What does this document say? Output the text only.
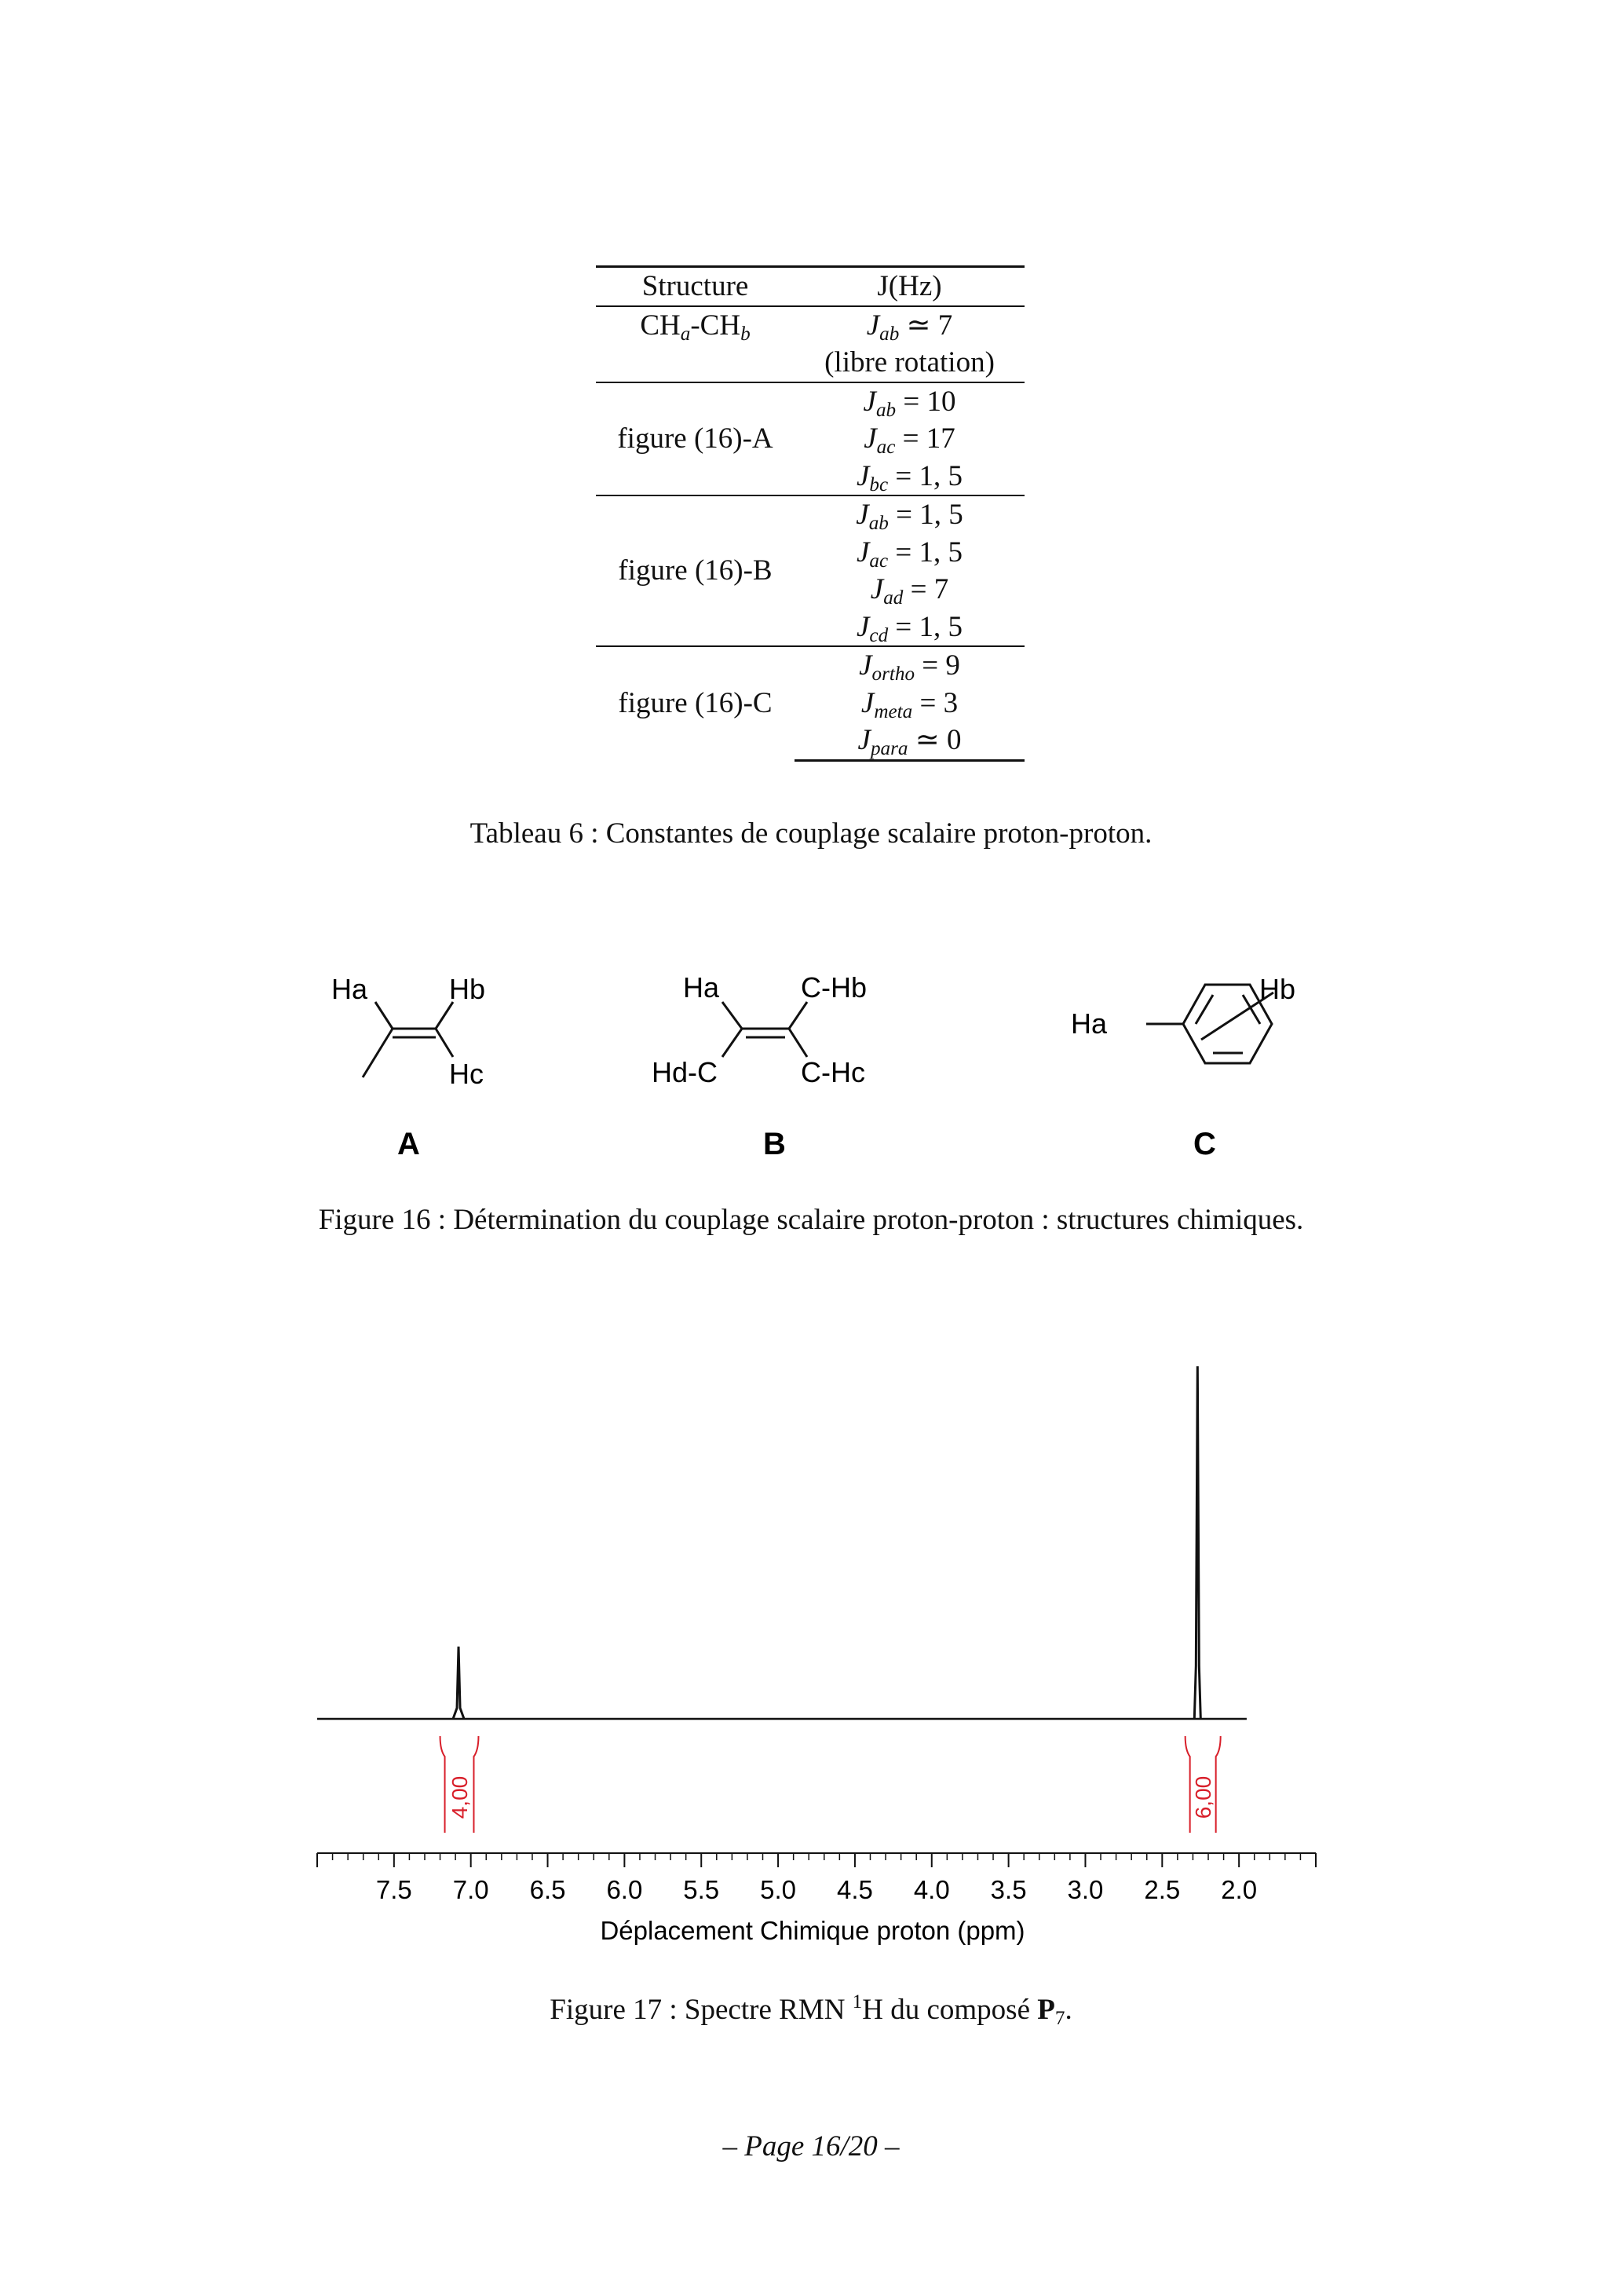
Structure	J(Hz)
$CH_a-CH_b$	$J_{ab}$ ≃ 7
	(libre rotation)
figure (16)-A	$J_{ab} = 10$
	$J_{ac} = 17$
	$J_{bc} = 1$, 5
figure (16)-B	$J_{ab} = 1$, 5
	$J_{ac} = 1$, 5
	$J_{ad} = 7$
	$J_{cd} = 1$, 5
figure (16)-C	$J_{ortho} = 9$
	$J_{meta} = 3$
	$J_{para}$ ≃ 0
Tableau 6 : Constantes de couplage scalaire proton-proton.
Ha	Hb
Hc
A
Ha	C-Hb
Hd-C	C-Hc
B
Ha
Hb
C
Figure 16 : Détermination du couplage scalaire proton-proton : structures chimiques.
4,00	6,00
7.5 7.0 6.5 6.0 5.5 5.0 4.5 4.0 3.5 3.0 2.5 2.0
Déplacement Chimique proton (ppm)
Figure 17 : Spectre RMN $^1$H du composé $P_7$.
– Page 16/20 –
